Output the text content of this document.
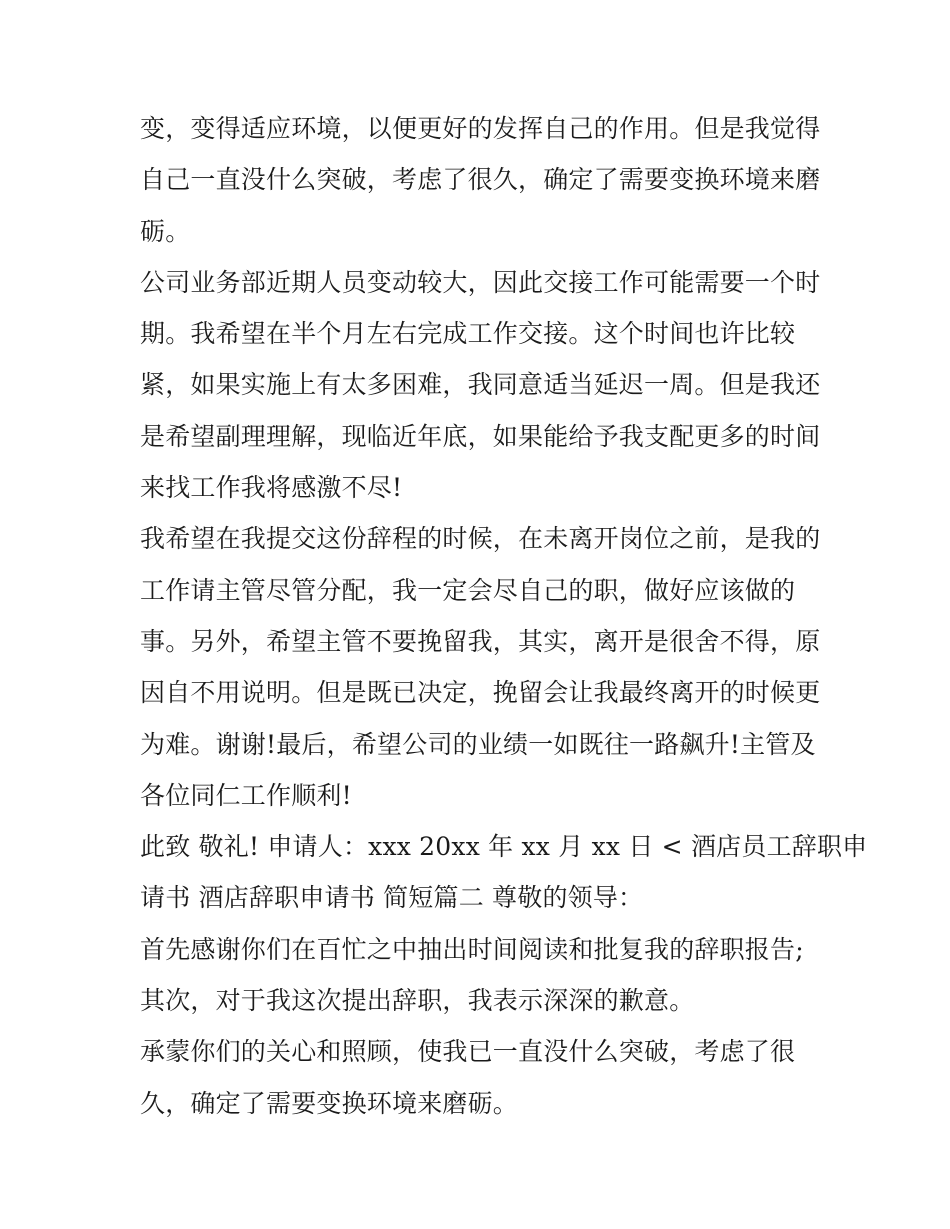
变，变得适应环境，以便更好的发挥自己的作用。但是我觉得
自己一直没什么突破，考虑了很久，确定了需要变换环境来磨
砺。
公司业务部近期人员变动较大，因此交接工作可能需要一个时
期。我希望在半个月左右完成工作交接。这个时间也许比较
紧，如果实施上有太多困难，我同意适当延迟一周。但是我还
是希望副理理解，现临近年底，如果能给予我支配更多的时间
来找工作我将感激不尽!
我希望在我提交这份辞程的时候，在未离开岗位之前，是我的
工作请主管尽管分配，我一定会尽自己的职，做好应该做的
事。另外，希望主管不要挽留我，其实，离开是很舍不得，原
因自不用说明。但是既已决定，挽留会让我最终离开的时候更
为难。谢谢!最后，希望公司的业绩一如既往一路飙升!主管及
各位同仁工作顺利!
此致 敬礼! 申请人：xxx 20xx 年 xx 月 xx 日 < 酒店员工辞职申
请书 酒店辞职申请书 简短篇二 尊敬的领导：
首先感谢你们在百忙之中抽出时间阅读和批复我的辞职报告;
其次，对于我这次提出辞职，我表示深深的歉意。
承蒙你们的关心和照顾，使我已一直没什么突破，考虑了很
久，确定了需要变换环境来磨砺。
